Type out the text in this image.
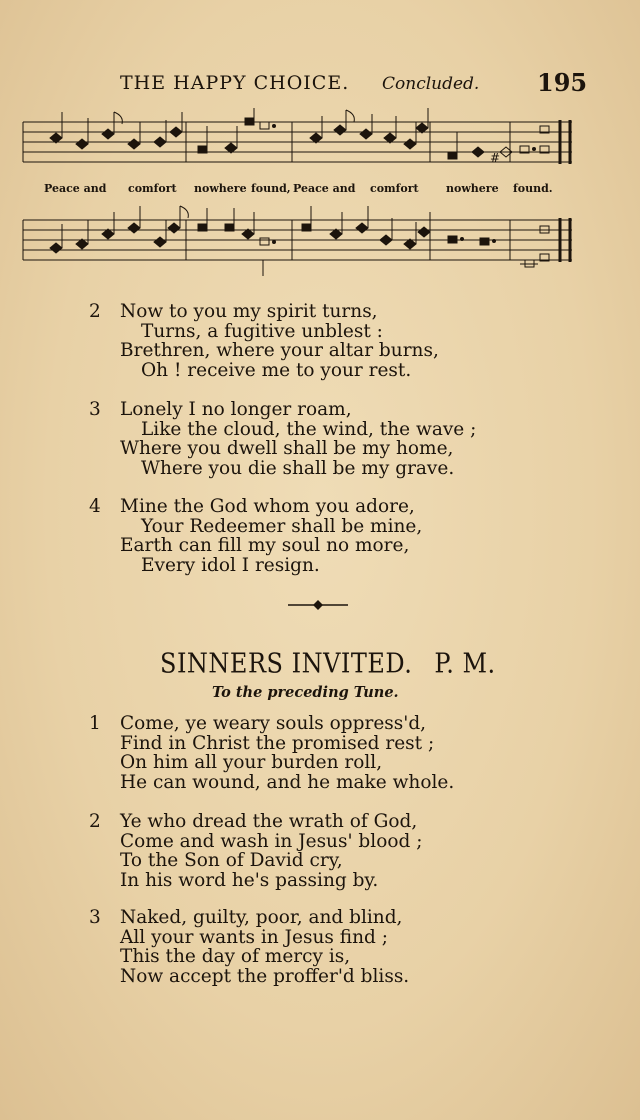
THE HAPPY CHOICE. Concluded. 195
#
Peace and comfort nowhere found, Peace and comfort nowhere found.
2 Now to you my spirit turns,
Turns, a fugitive unblest :
Brethren, where your altar burns,
Oh ! receive me to your rest.
3 Lonely I no longer roam,
Like the cloud, the wind, the wave ;
Where you dwell shall be my home,
Where you die shall be my grave.
4 Mine the God whom you adore,
Your Redeemer shall be mine,
Earth can fill my soul no more,
Every idol I resign.
SINNERS INVITED. P. M.
To the preceding Tune.
1 Come, ye weary souls oppress'd,
Find in Christ the promised rest ;
On him all your burden roll,
He can wound, and he make whole.
2 Ye who dread the wrath of God,
Come and wash in Jesus' blood ;
To the Son of David cry,
In his word he's passing by.
3 Naked, guilty, poor, and blind,
All your wants in Jesus find ;
This the day of mercy is,
Now accept the proffer'd bliss.
